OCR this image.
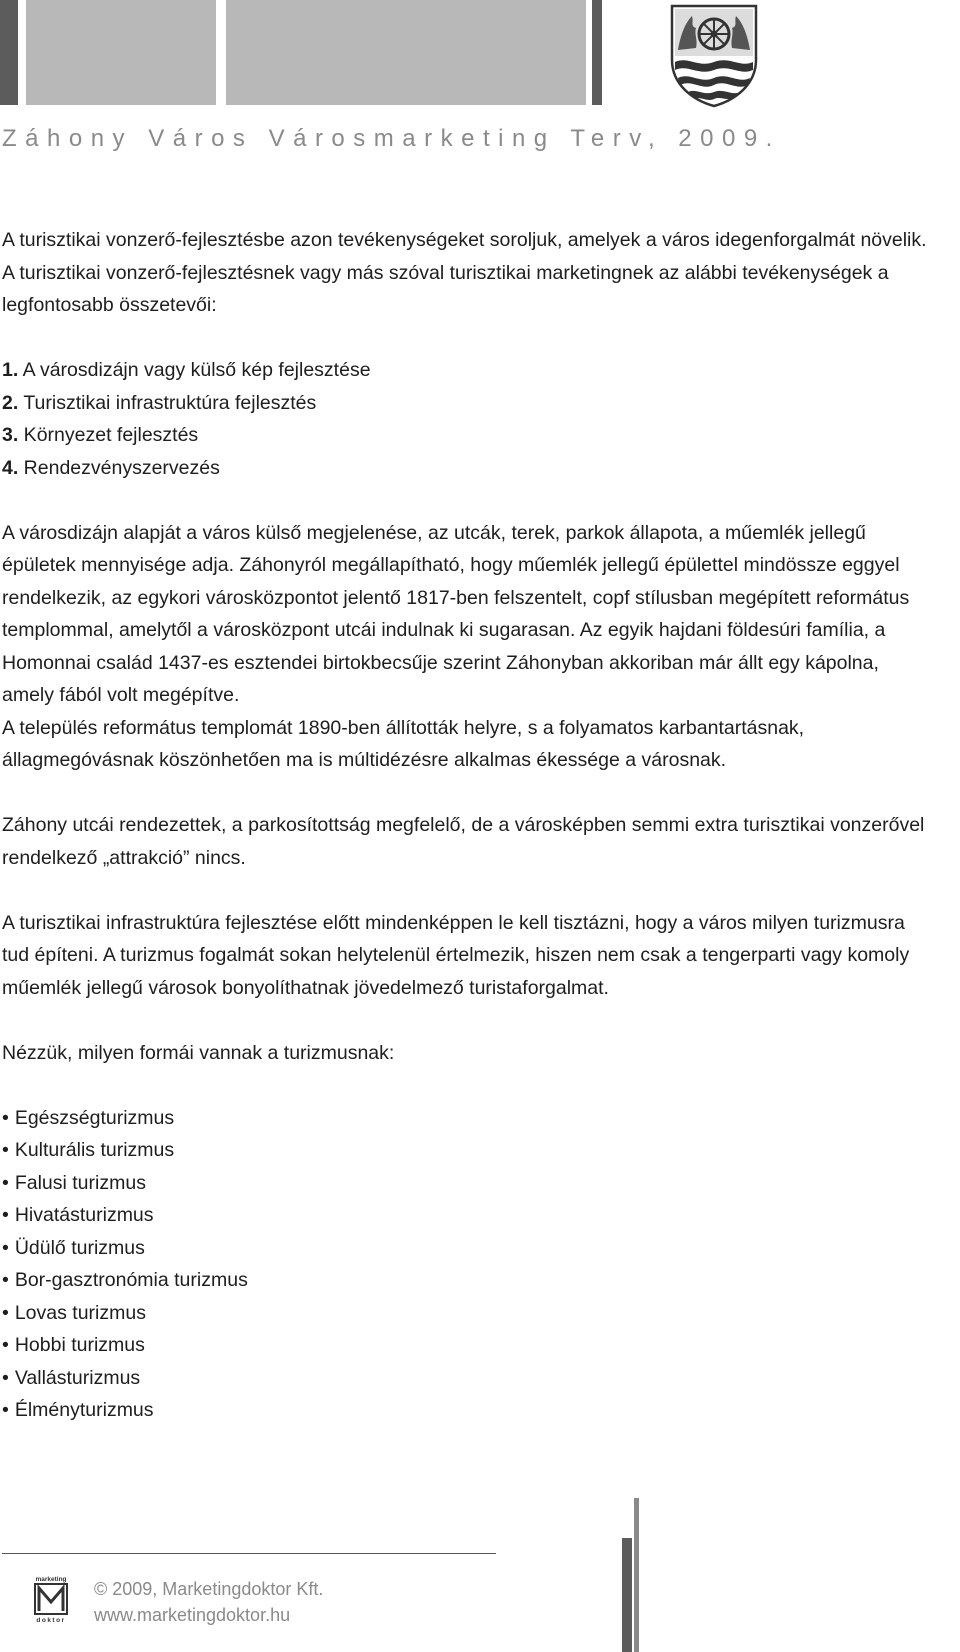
Záhony Város Városmarketing Terv, 2009.

A turisztikai vonzerő-fejlesztésbe azon tevékenységeket soroljuk, amelyek a város idegenforgalmát növelik.

A turisztikai vonzerő-fejlesztésnek vagy más szóval turisztikai marketingnek az alábbi tevékenységek a legfontosabb összetevői:

1. A városdizájn vagy külső kép fejlesztése

2. Turisztikai infrastruktúra fejlesztés

3. Környezet fejlesztés

4. Rendezvényszervezés

A városdizájn alapját a város külső megjelenése, az utcák, terek, parkok állapota, a műemlék jellegű épületek mennyisége adja. Záhonyról megállapítható, hogy műemlék jellegű épülettel mindössze eggyel rendelkezik, az egykori városközpontot jelentő 1817-ben felszentelt, copf stílusban megépített református templommal, amelytől a városközpont utcái indulnak ki sugarasan. Az egyik hajdani földesúri família, a Homonnai család 1437-es esztendei birtokbecsűje szerint Záhonyban akkoriban már állt egy kápolna, amely fából volt megépítve.

A település református templomát 1890-ben állították helyre, s a folyamatos karbantartásnak, állagmegóvásnak köszönhetően ma is múltidézésre alkalmas ékessége a városnak.

Záhony utcái rendezettek, a parkosítottság megfelelő, de a városképben semmi extra turisztikai vonzerővel rendelkező „attrakció” nincs.

A turisztikai infrastruktúra fejlesztése előtt mindenképpen le kell tisztázni, hogy a város milyen turizmusra tud építeni. A turizmus fogalmát sokan helytelenül értelmezik, hiszen nem csak a tengerparti vagy komoly műemlék jellegű városok bonyolíthatnak jövedelmező turistaforgalmat.

Nézzük, milyen formái vannak a turizmusnak:

• Egészségturizmus
• Kulturális turizmus
• Falusi turizmus
• Hivatásturizmus
• Üdülő turizmus
• Bor-gasztronómia turizmus
• Lovas turizmus
• Hobbi turizmus
• Vallásturizmus
• Élményturizmus
marketing
doktor
© 2009, Marketingdoktor Kft.
www.marketingdoktor.hu
